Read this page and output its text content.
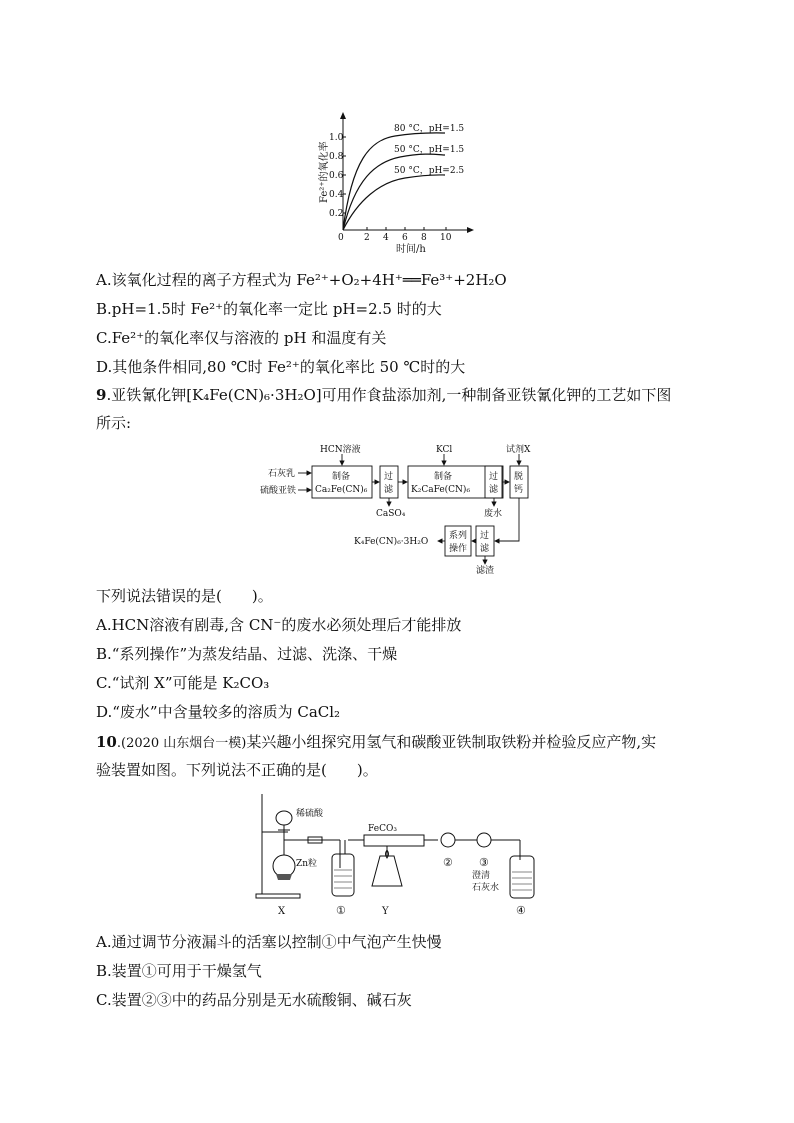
1.0
0.8
0.6
0.4
0.2
0 2 4 6 8 10
时间/h
Fe²⁺的氧化率
80 °C，pH=1.5
50 °C，pH=1.5
50 °C，pH=2.5
A.该氧化过程的离子方程式为 Fe²⁺+O₂+4H⁺══Fe³⁺+2H₂O
B.pH=1.5时 Fe²⁺的氧化率一定比 pH=2.5 时的大
C.Fe²⁺的氧化率仅与溶液的 pH 和温度有关
D.其他条件相同,80 ℃时 Fe²⁺的氧化率比 50 ℃时的大
9.亚铁氰化钾[K₄Fe(CN)₆·3H₂O]可用作食盐添加剂,一种制备亚铁氰化钾的工艺如下图
所示:
HCN溶液	KCl	试剂X
石灰乳
硫酸亚铁
制备
Ca₂Fe(CN)₆
过
滤
CaSO₄
制备
K₂CaFe(CN)₆
过
滤
废水
脱
钙
过
滤
滤渣
系列
操作
K₄Fe(CN)₆·3H₂O
下列说法错误的是(　　)。
A.HCN溶液有剧毒,含 CN⁻的废水必须处理后才能排放
B.“系列操作”为蒸发结晶、过滤、洗涤、干燥
C.“试剂 X”可能是 K₂CO₃
D.“废水”中含量较多的溶质为 CaCl₂
10.(2020 山东烟台一模)某兴趣小组探究用氢气和碳酸亚铁制取铁粉并检验反应产物,实
验装置如图。下列说法不正确的是(　　)。
稀硫酸
Zn粒
FeCO₃
澄清
石灰水
X	①	Y
② ③
④
A.通过调节分液漏斗的活塞以控制①中气泡产生快慢
B.装置①可用于干燥氢气
C.装置②③中的药品分别是无水硫酸铜、碱石灰
